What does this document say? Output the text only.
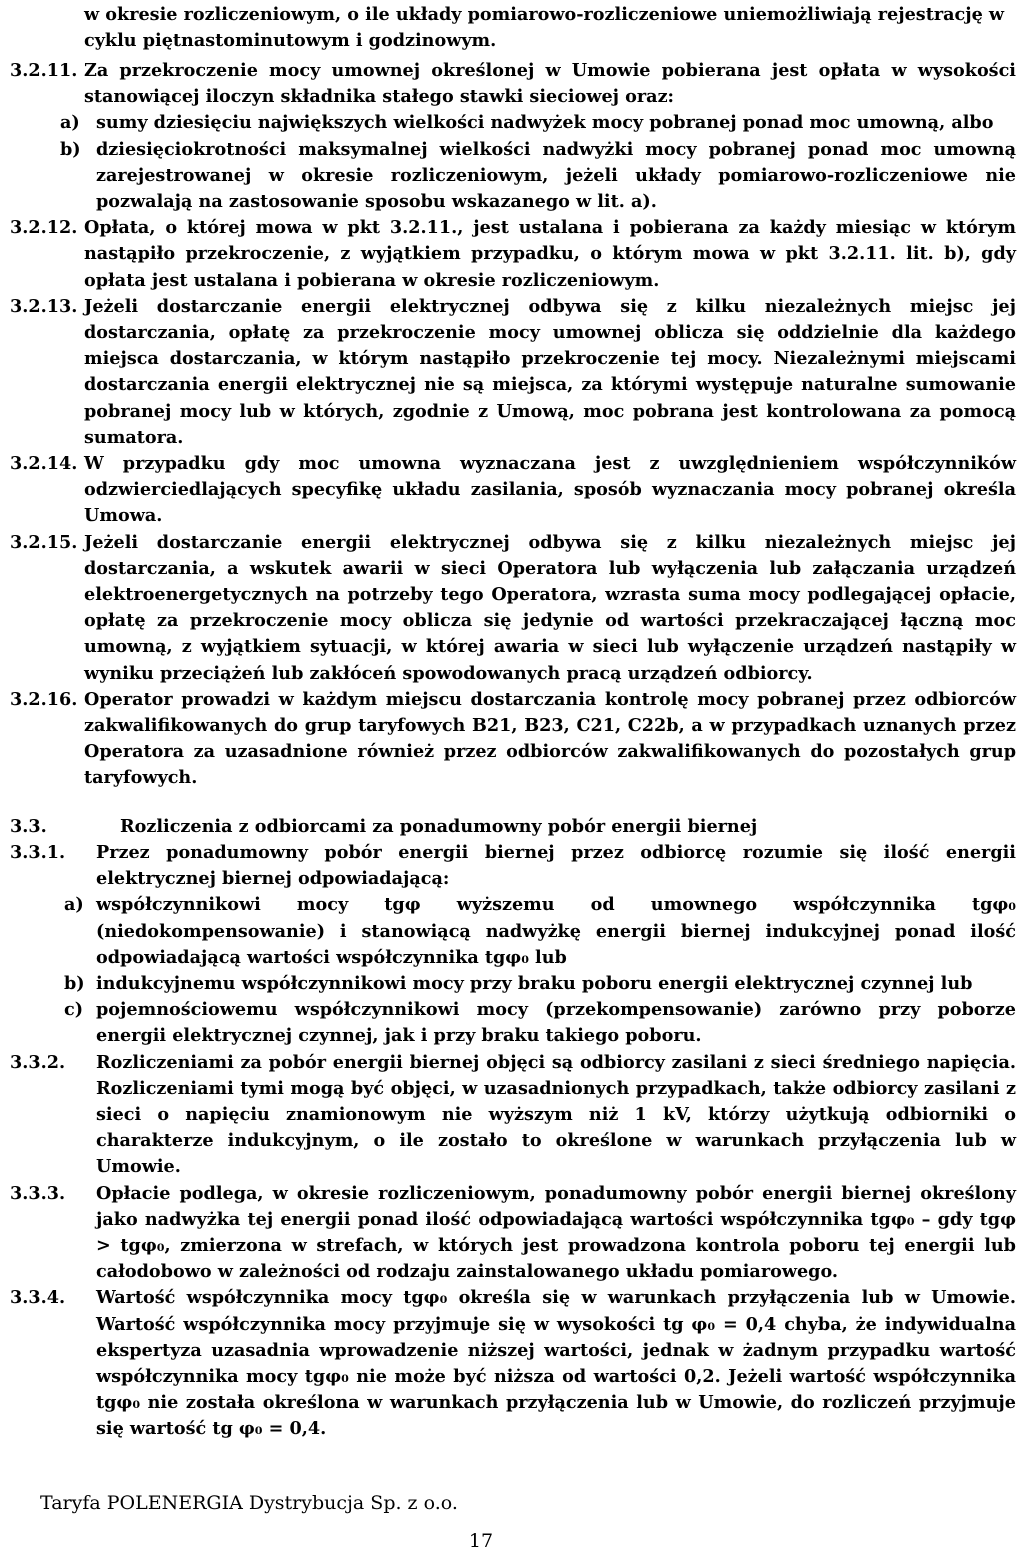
w okresie rozliczeniowym, o ile układy pomiarowo-rozliczeniowe uniemożliwiają rejestrację w cyklu piętnastominutowym i godzinowym.
3.2.11. Za przekroczenie mocy umownej określonej w Umowie pobierana jest opłata w wysokości stanowiącej iloczyn składnika stałego stawki sieciowej oraz:
a) sumy dziesięciu największych wielkości nadwyżek mocy pobranej ponad moc umowną, albo
b) dziesięciokrotności maksymalnej wielkości nadwyżki mocy pobranej ponad moc umowną zarejestrowanej w okresie rozliczeniowym, jeżeli układy pomiarowo-rozliczeniowe nie pozwalają na zastosowanie sposobu wskazanego w lit. a).
3.2.12. Opłata, o której mowa w pkt 3.2.11., jest ustalana i pobierana za każdy miesiąc w którym nastąpiło przekroczenie, z wyjątkiem przypadku, o którym mowa w pkt 3.2.11. lit. b), gdy opłata jest ustalana i pobierana w okresie rozliczeniowym.
3.2.13. Jeżeli dostarczanie energii elektrycznej odbywa się z kilku niezależnych miejsc jej dostarczania, opłatę za przekroczenie mocy umownej oblicza się oddzielnie dla każdego miejsca dostarczania, w którym nastąpiło przekroczenie tej mocy. Niezależnymi miejscami dostarczania energii elektrycznej nie są miejsca, za którymi występuje naturalne sumowanie pobranej mocy lub w których, zgodnie z Umową, moc pobrana jest kontrolowana za pomocą sumatora.
3.2.14. W przypadku gdy moc umowna wyznaczana jest z uwzględnieniem współczynników odzwierciedlających specyfikę układu zasilania, sposób wyznaczania mocy pobranej określa Umowa.
3.2.15. Jeżeli dostarczanie energii elektrycznej odbywa się z kilku niezależnych miejsc jej dostarczania, a wskutek awarii w sieci Operatora lub wyłączenia lub załączania urządzeń elektroenergetycznych na potrzeby tego Operatora, wzrasta suma mocy podlegającej opłacie, opłatę za przekroczenie mocy oblicza się jedynie od wartości przekraczającej łączną moc umowną, z wyjątkiem sytuacji, w której awaria w sieci lub wyłączenie urządzeń nastąpiły w wyniku przeciążeń lub zakłóceń spowodowanych pracą urządzeń odbiorcy.
3.2.16. Operator prowadzi w każdym miejscu dostarczania kontrolę mocy pobranej przez odbiorców zakwalifikowanych do grup taryfowych B21, B23, C21, C22b, a w przypadkach uznanych przez Operatora za uzasadnione również przez odbiorców zakwalifikowanych do pozostałych grup taryfowych.
3.3.	Rozliczenia z odbiorcami za ponadumowny pobór energii biernej
3.3.1. Przez ponadumowny pobór energii biernej przez odbiorcę rozumie się ilość energii elektrycznej biernej odpowiadającą:
a) współczynnikowi mocy tgφ wyższemu od umownego współczynnika tgφ₀ (niedokompensowanie) i stanowiącą nadwyżkę energii biernej indukcyjnej ponad ilość odpowiadającą wartości współczynnika tgφ₀ lub
b) indukcyjnemu współczynnikowi mocy przy braku poboru energii elektrycznej czynnej lub
c) pojemnościowemu współczynnikowi mocy (przekompensowanie) zarówno przy poborze energii elektrycznej czynnej, jak i przy braku takiego poboru.
3.3.2. Rozliczeniami za pobór energii biernej objęci są odbiorcy zasilani z sieci średniego napięcia. Rozliczeniami tymi mogą być objęci, w uzasadnionych przypadkach, także odbiorcy zasilani z sieci o napięciu znamionowym nie wyższym niż 1 kV, którzy użytkują odbiorniki o charakterze indukcyjnym, o ile zostało to określone w warunkach przyłączenia lub w Umowie.
3.3.3. Opłacie podlega, w okresie rozliczeniowym, ponadumowny pobór energii biernej określony jako nadwyżka tej energii ponad ilość odpowiadającą wartości współczynnika tgφ₀ – gdy tgφ > tgφ₀, zmierzona w strefach, w których jest prowadzona kontrola poboru tej energii lub całodobowo w zależności od rodzaju zainstalowanego układu pomiarowego.
3.3.4. Wartość współczynnika mocy tgφ₀ określa się w warunkach przyłączenia lub w Umowie. Wartość współczynnika mocy przyjmuje się w wysokości tg φ₀ = 0,4 chyba, że indywidualna ekspertyza uzasadnia wprowadzenie niższej wartości, jednak w żadnym przypadku wartość współczynnika mocy tgφ₀ nie może być niższa od wartości 0,2. Jeżeli wartość współczynnika tgφ₀ nie została określona w warunkach przyłączenia lub w Umowie, do rozliczeń przyjmuje się wartość tg φ₀ = 0,4.
Taryfa POLENERGIA Dystrybucja Sp. z o.o.
17
